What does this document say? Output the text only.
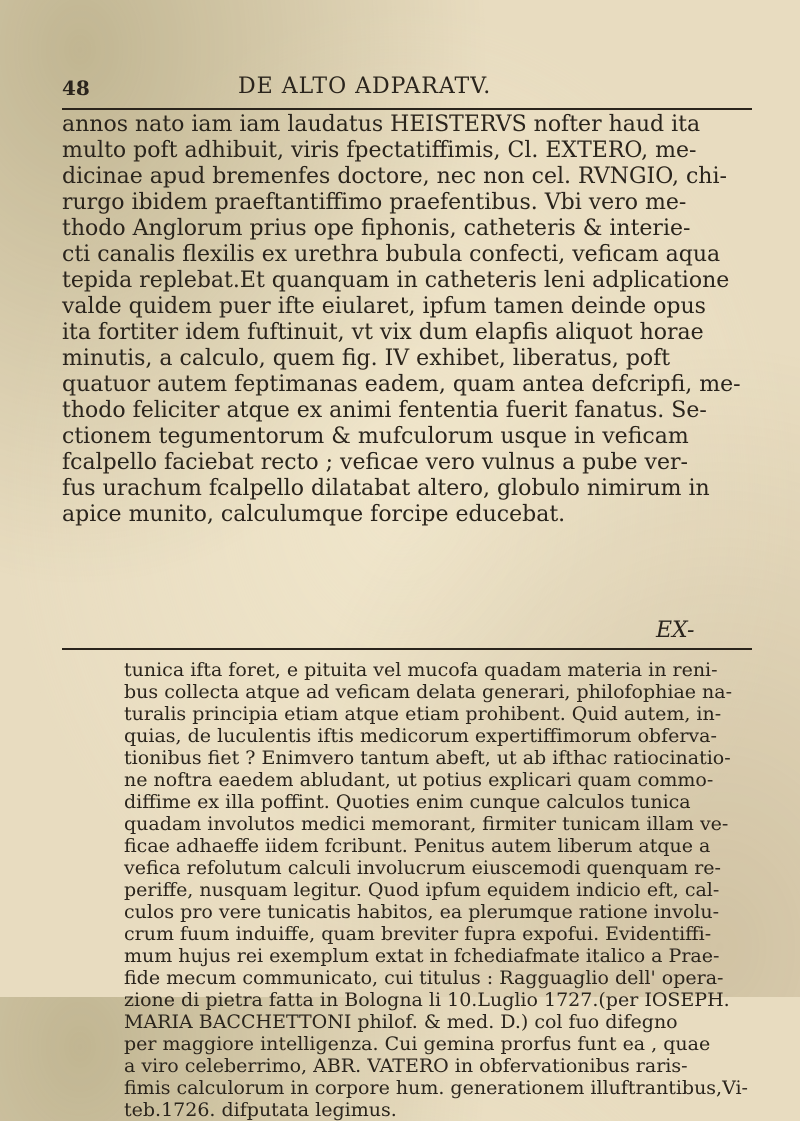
48	DE ALTO ADPARATV.

annos nato iam iam laudatus HEISTERVS nofter haud ita

multo poft adhibuit, viris fpectatiffimis, Cl. EXTERO, me-

dicinae apud bremenfes doctore, nec non cel. RVNGIO, chi-

rurgo ibidem praeftantiffimo praefentibus. Vbi vero me-

thodo Anglorum prius ope fiphonis, catheteris & interie-

cti canalis flexilis ex urethra bubula confecti, veficam aqua

tepida replebat.Et quanquam in catheteris leni adplicatione

valde quidem puer ifte eiularet, ipfum tamen deinde opus

ita fortiter idem fuftinuit, vt vix dum elapfis aliquot horae

minutis, a calculo, quem fig. IV exhibet, liberatus, poft

quatuor autem feptimanas eadem, quam antea defcripfi, me-

thodo feliciter atque ex animi fententia fuerit fanatus. Se-

ctionem tegumentorum & mufculorum usque in veficam

fcalpello faciebat recto ; veficae vero vulnus a pube ver-

fus urachum fcalpello dilatabat altero, globulo nimirum in

apice munito, calculumque forcipe educebat.

EX-

tunica ifta foret, e pituita vel mucofa quadam materia in reni-

bus collecta atque ad veficam delata generari, philofophiae na-

turalis principia etiam atque etiam prohibent. Quid autem, in-

quias, de luculentis iftis medicorum expertiffimorum obferva-

tionibus fiet ? Enimvero tantum abeft, ut ab ifthac ratiocinatio-

ne noftra eaedem abludant, ut potius explicari quam commo-

diffime ex illa poffint. Quoties enim cunque calculos tunica

quadam involutos medici memorant, firmiter tunicam illam ve-

ficae adhaeffe iidem fcribunt. Penitus autem liberum atque a

vefica refolutum calculi involucrum eiuscemodi quenquam re-

periffe, nusquam legitur. Quod ipfum equidem indicio eft, cal-

culos pro vere tunicatis habitos, ea plerumque ratione involu-

crum fuum induiffe, quam breviter fupra expofui. Evidentiffi-

mum hujus rei exemplum extat in fchediafmate italico a Prae-

fide mecum communicato, cui titulus : Ragguaglio dell' opera-

zione di pietra fatta in Bologna li 10.Luglio 1727.(per IOSEPH.

MARIA BACCHETTONI philof. & med. D.) col fuo difegno

per maggiore intelligenza. Cui gemina prorfus funt ea , quae

a viro celeberrimo, ABR. VATERO in obfervationibus raris-

fimis calculorum in corpore hum. generationem illuftrantibus,Vi-

teb.1726. difputata legimus.
